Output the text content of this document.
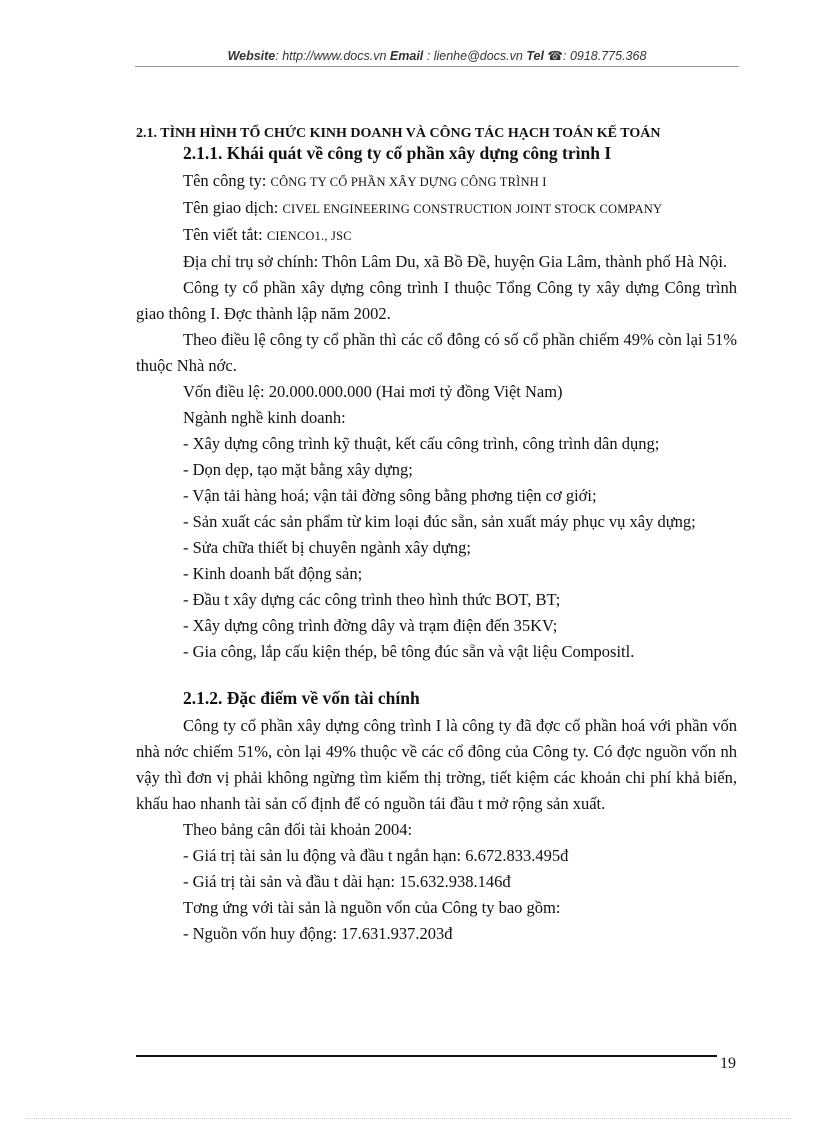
Website: http://www.docs.vn Email : lienhe@docs.vn Tel ☎: 0918.775.368

2.1. TÌNH HÌNH TỔ CHỨC KINH DOANH VÀ CÔNG TÁC HẠCH TOÁN KẾ TOÁN

2.1.1. Khái quát về công ty cổ phần xây dựng công trình I

Tên công ty: CÔNG TY CỔ PHẦN XÂY DỰNG CÔNG TRÌNH I

Tên giao dịch: CIVEL ENGINEERING CONSTRUCTION JOINT STOCK COMPANY

Tên viết tắt: CIENCO1., JSC

Địa chỉ trụ sở chính: Thôn Lâm Du, xã Bồ Đề, huyện Gia Lâm, thành phố Hà Nội.

Công ty cổ phần xây dựng công trình I thuộc Tổng Công ty xây dựng Công trình giao thông I. Đợc thành lập năm 2002.

Theo điều lệ công ty cổ phần thì các cổ đông có số cổ phần chiếm 49% còn lại 51% thuộc Nhà nớc.

Vốn điều lệ: 20.000.000.000 (Hai mơi tỷ đồng Việt Nam)

Ngành nghề kinh doanh:

- Xây dựng công trình kỹ thuật, kết cấu công trình, công trình dân dụng;

- Dọn dẹp, tạo mặt bằng xây dựng;

- Vận tải hàng hoá; vận tải đờng sông bằng phơng tiện cơ giới;

- Sản xuất các sản phẩm từ kim loại đúc sẵn, sản xuất máy phục vụ xây dựng;

- Sửa chữa thiết bị chuyên ngành xây dựng;

- Kinh doanh bất động sản;

- Đầu t xây dựng các công trình theo hình thức BOT, BT;

- Xây dựng công trình đờng dây và trạm điện đến 35KV;

- Gia công, lắp cấu kiện thép, bê tông đúc sẵn và vật liệu Compositl.

2.1.2. Đặc điểm về vốn tài chính

Công ty cổ phần xây dựng công trình I là công ty đã đợc cổ phần hoá với phần vốn nhà nớc chiếm 51%, còn lại 49% thuộc về các cổ đông của Công ty. Có đợc nguồn vốn nh vậy thì đơn vị phải không ngừng tìm kiếm thị trờng, tiết kiệm các khoản chi phí khả biến, khấu hao nhanh tài sản cố định để có nguồn tái đầu t mở rộng sản xuất.

Theo bảng cân đối tài khoản 2004:

- Giá trị tài sản lu động và đầu t ngắn hạn: 6.672.833.495đ

- Giá trị tài sản và đầu t dài hạn: 15.632.938.146đ

Tơng ứng với tài sản là nguồn vốn của Công ty bao gồm:

- Nguồn vốn huy động: 17.631.937.203đ

19
